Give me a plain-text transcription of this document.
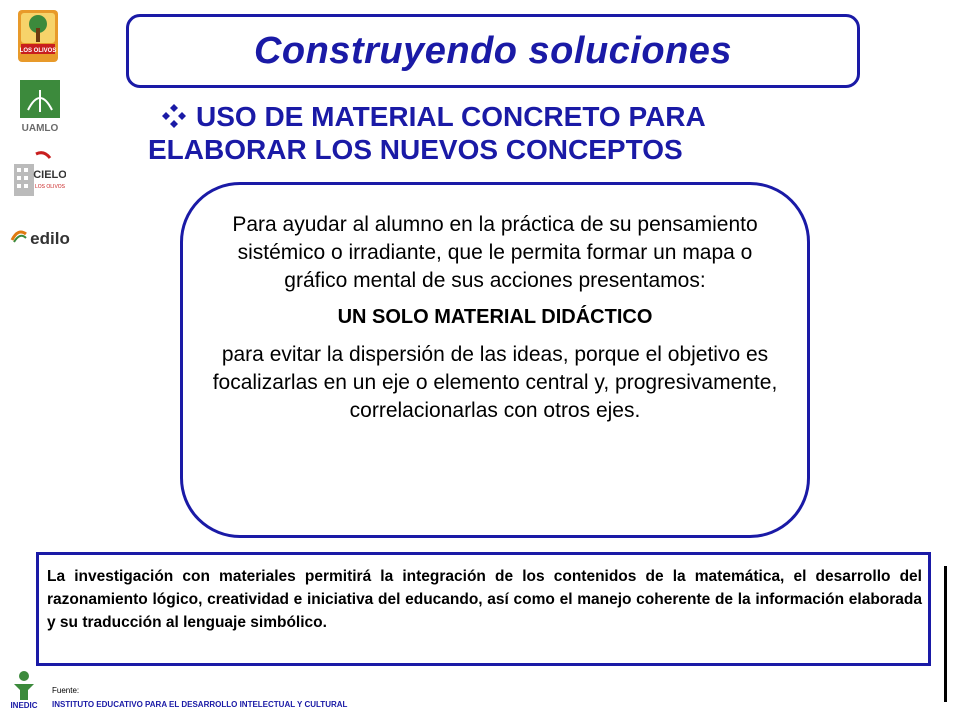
LOS OLIVOS
UAMLO
CIELO
LOS OLIVOS
edilo
Construyendo soluciones
USO DE MATERIAL CONCRETO PARA
ELABORAR LOS NUEVOS CONCEPTOS

Para ayudar al alumno en la práctica de su pensamiento sistémico o irradiante, que le permita formar un mapa o gráfico mental de sus acciones presentamos:

UN SOLO MATERIAL DIDÁCTICO

para evitar la dispersión de las ideas, porque el objetivo es focalizarlas en un eje o elemento central y, progresivamente, correlacionarlas con otros ejes.

La investigación con materiales permitirá la integración de los contenidos de la matemática, el desarrollo del razonamiento lógico, creatividad e iniciativa del educando, así como el manejo coherente de la información elaborada y su traducción al lenguaje simbólico.
INEDIC
Fuente:
INSTITUTO EDUCATIVO PARA EL DESARROLLO INTELECTUAL Y CULTURAL
